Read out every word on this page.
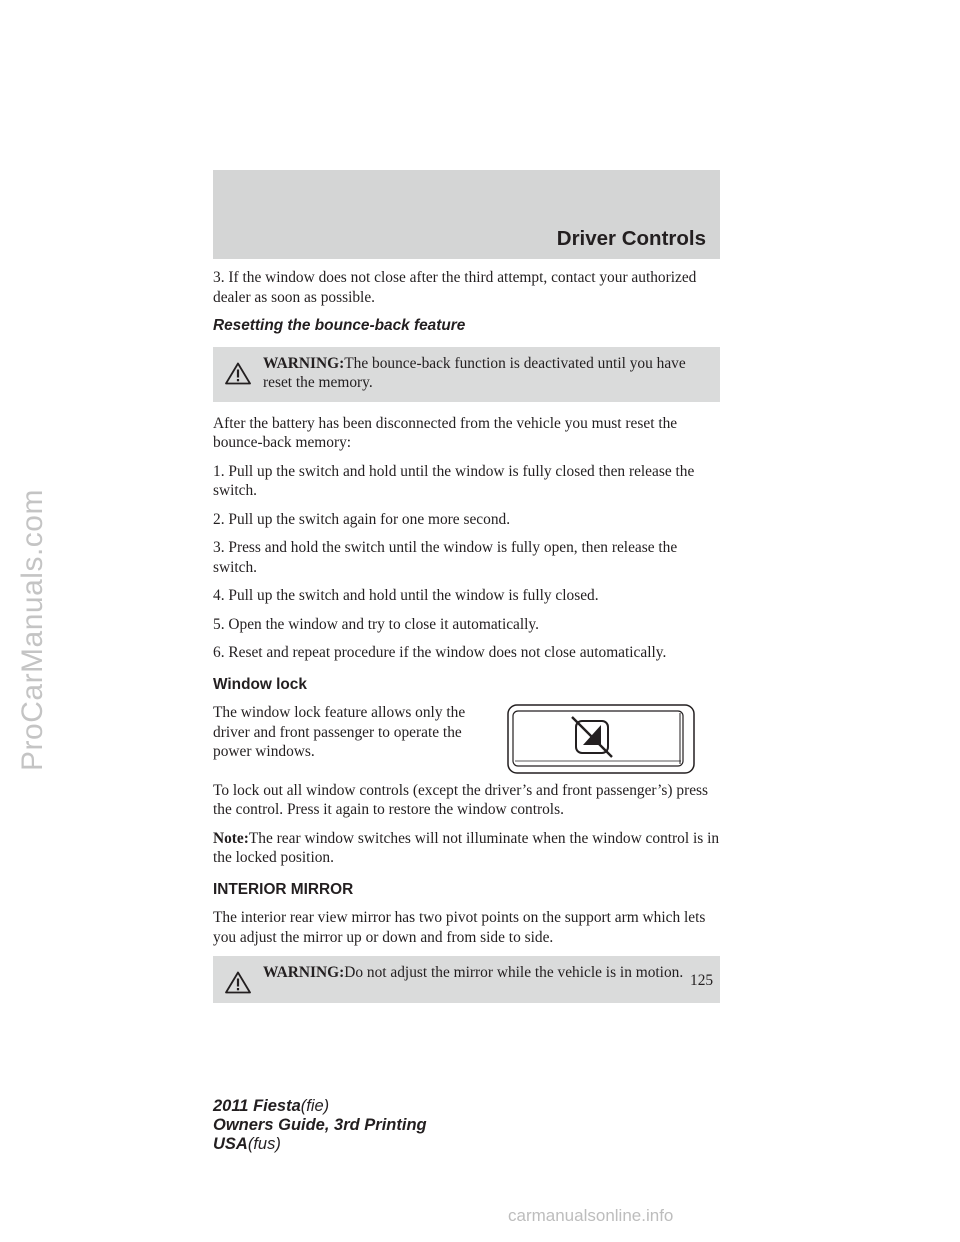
ProCarManuals.com
Driver Controls

3. If the window does not close after the third attempt, contact your authorized dealer as soon as possible.

Resetting the bounce-back feature
WARNING:The bounce-back function is deactivated until you have reset the memory.

After the battery has been disconnected from the vehicle you must reset the bounce-back memory:

1. Pull up the switch and hold until the window is fully closed then release the switch.

2. Pull up the switch again for one more second.

3. Press and hold the switch until the window is fully open, then release the switch.

4. Pull up the switch and hold until the window is fully closed.

5. Open the window and try to close it automatically.

6. Reset and repeat procedure if the window does not close automatically.

Window lock

The window lock feature allows only the driver and front passenger to operate the power windows.

To lock out all window controls (except the driver’s and front passenger’s) press the control. Press it again to restore the window controls.

Note:The rear window switches will not illuminate when the window control is in the locked position.

INTERIOR MIRROR

The interior rear view mirror has two pivot points on the support arm which lets you adjust the mirror up or down and from side to side.

WARNING:Do not adjust the mirror while the vehicle is in motion. 125
2011 Fiesta(fie)
Owners Guide, 3rd Printing
USA(fus)
carmanualsonline.info
